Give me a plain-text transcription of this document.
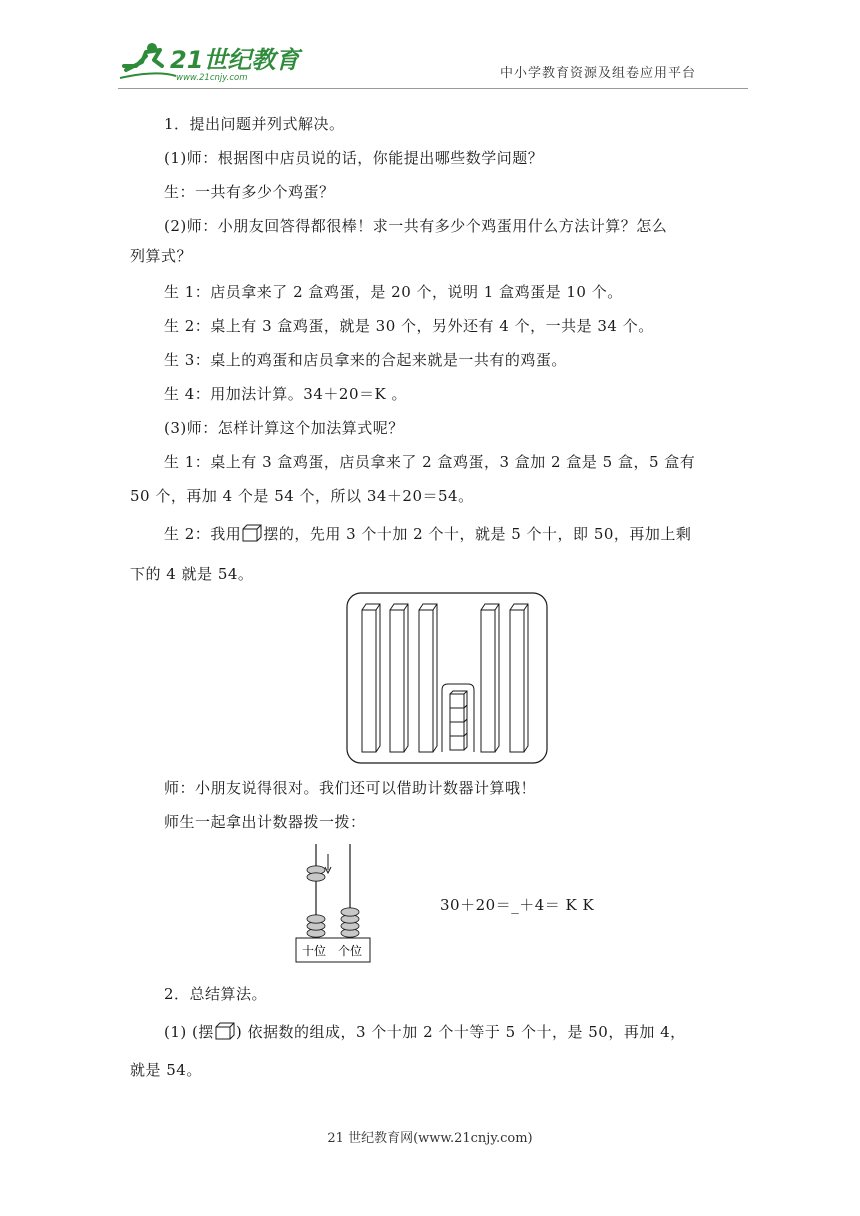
21世纪教育
www.21cnjy.com	中小学教育资源及组卷应用平台
1．提出问题并列式解决。
(1)师：根据图中店员说的话，你能提出哪些数学问题？
生：一共有多少个鸡蛋？
(2)师：小朋友回答得都很棒！求一共有多少个鸡蛋用什么方法计算？怎么
列算式？
生 1：店员拿来了 2 盒鸡蛋，是 20 个，说明 1 盒鸡蛋是 10 个。
生 2：桌上有 3 盒鸡蛋，就是 30 个，另外还有 4 个，一共是 34 个。
生 3：桌上的鸡蛋和店员拿来的合起来就是一共有的鸡蛋。
生 4：用加法计算。34＋20＝K 。
(3)师：怎样计算这个加法算式呢？
生 1：桌上有 3 盒鸡蛋，店员拿来了 2 盒鸡蛋，3 盒加 2 盒是 5 盒，5 盒有
50 个，再加 4 个是 54 个，所以 34＋20＝54。
生 2：我用 摆的，先用 3 个十加 2 个十，就是 5 个十，即 50，再加上剩
下的 4 就是 54。
师：小朋友说得很对。我们还可以借助计数器计算哦！
师生一起拿出计数器拨一拨：
十位 个位
30＋20＝_＋4＝ K K
2．总结算法。
(1) (摆 ) 依据数的组成，3 个十加 2 个十等于 5 个十，是 50，再加 4，
就是 54。
21 世纪教育网(www.21cnjy.com)
